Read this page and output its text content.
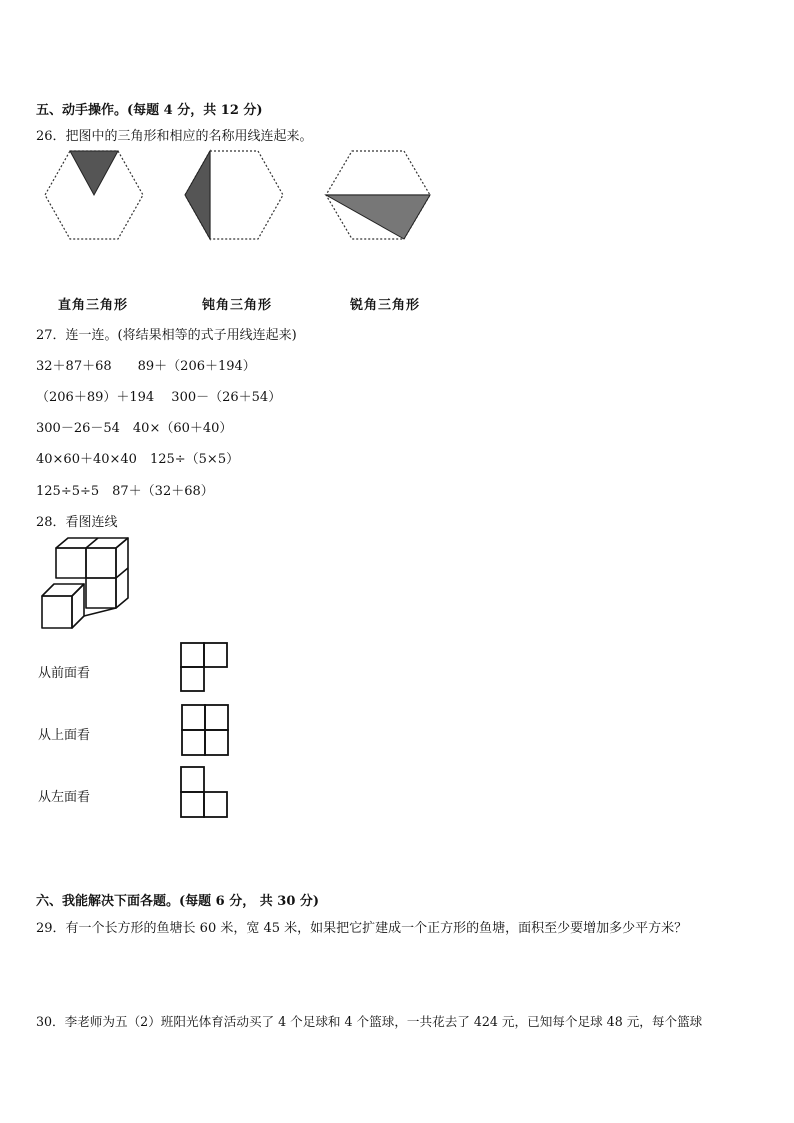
五、动手操作。(每题 4 分，共 12 分)
26．把图中的三角形和相应的名称用线连起来。
直角三角形	钝角三角形	锐角三角形
27．连一连。(将结果相等的式子用线连起来)
32＋87＋68　　89＋（206＋194）
（206＋89）＋194　 300－（26＋54）
300－26－54　40×（60＋40）
40×60＋40×40　125÷（5×5）
125÷5÷5　87＋（32＋68）
28．看图连线
从前面看
从上面看
从左面看
六、我能解决下面各题。(每题 6 分， 共 30 分)
29．有一个长方形的鱼塘长 60 米，宽 45 米，如果把它扩建成一个正方形的鱼塘，面积至少要增加多少平方米？
30．李老师为五（2）班阳光体育活动买了 4 个足球和 4 个篮球，一共花去了 424 元，已知每个足球 48 元，每个篮球
